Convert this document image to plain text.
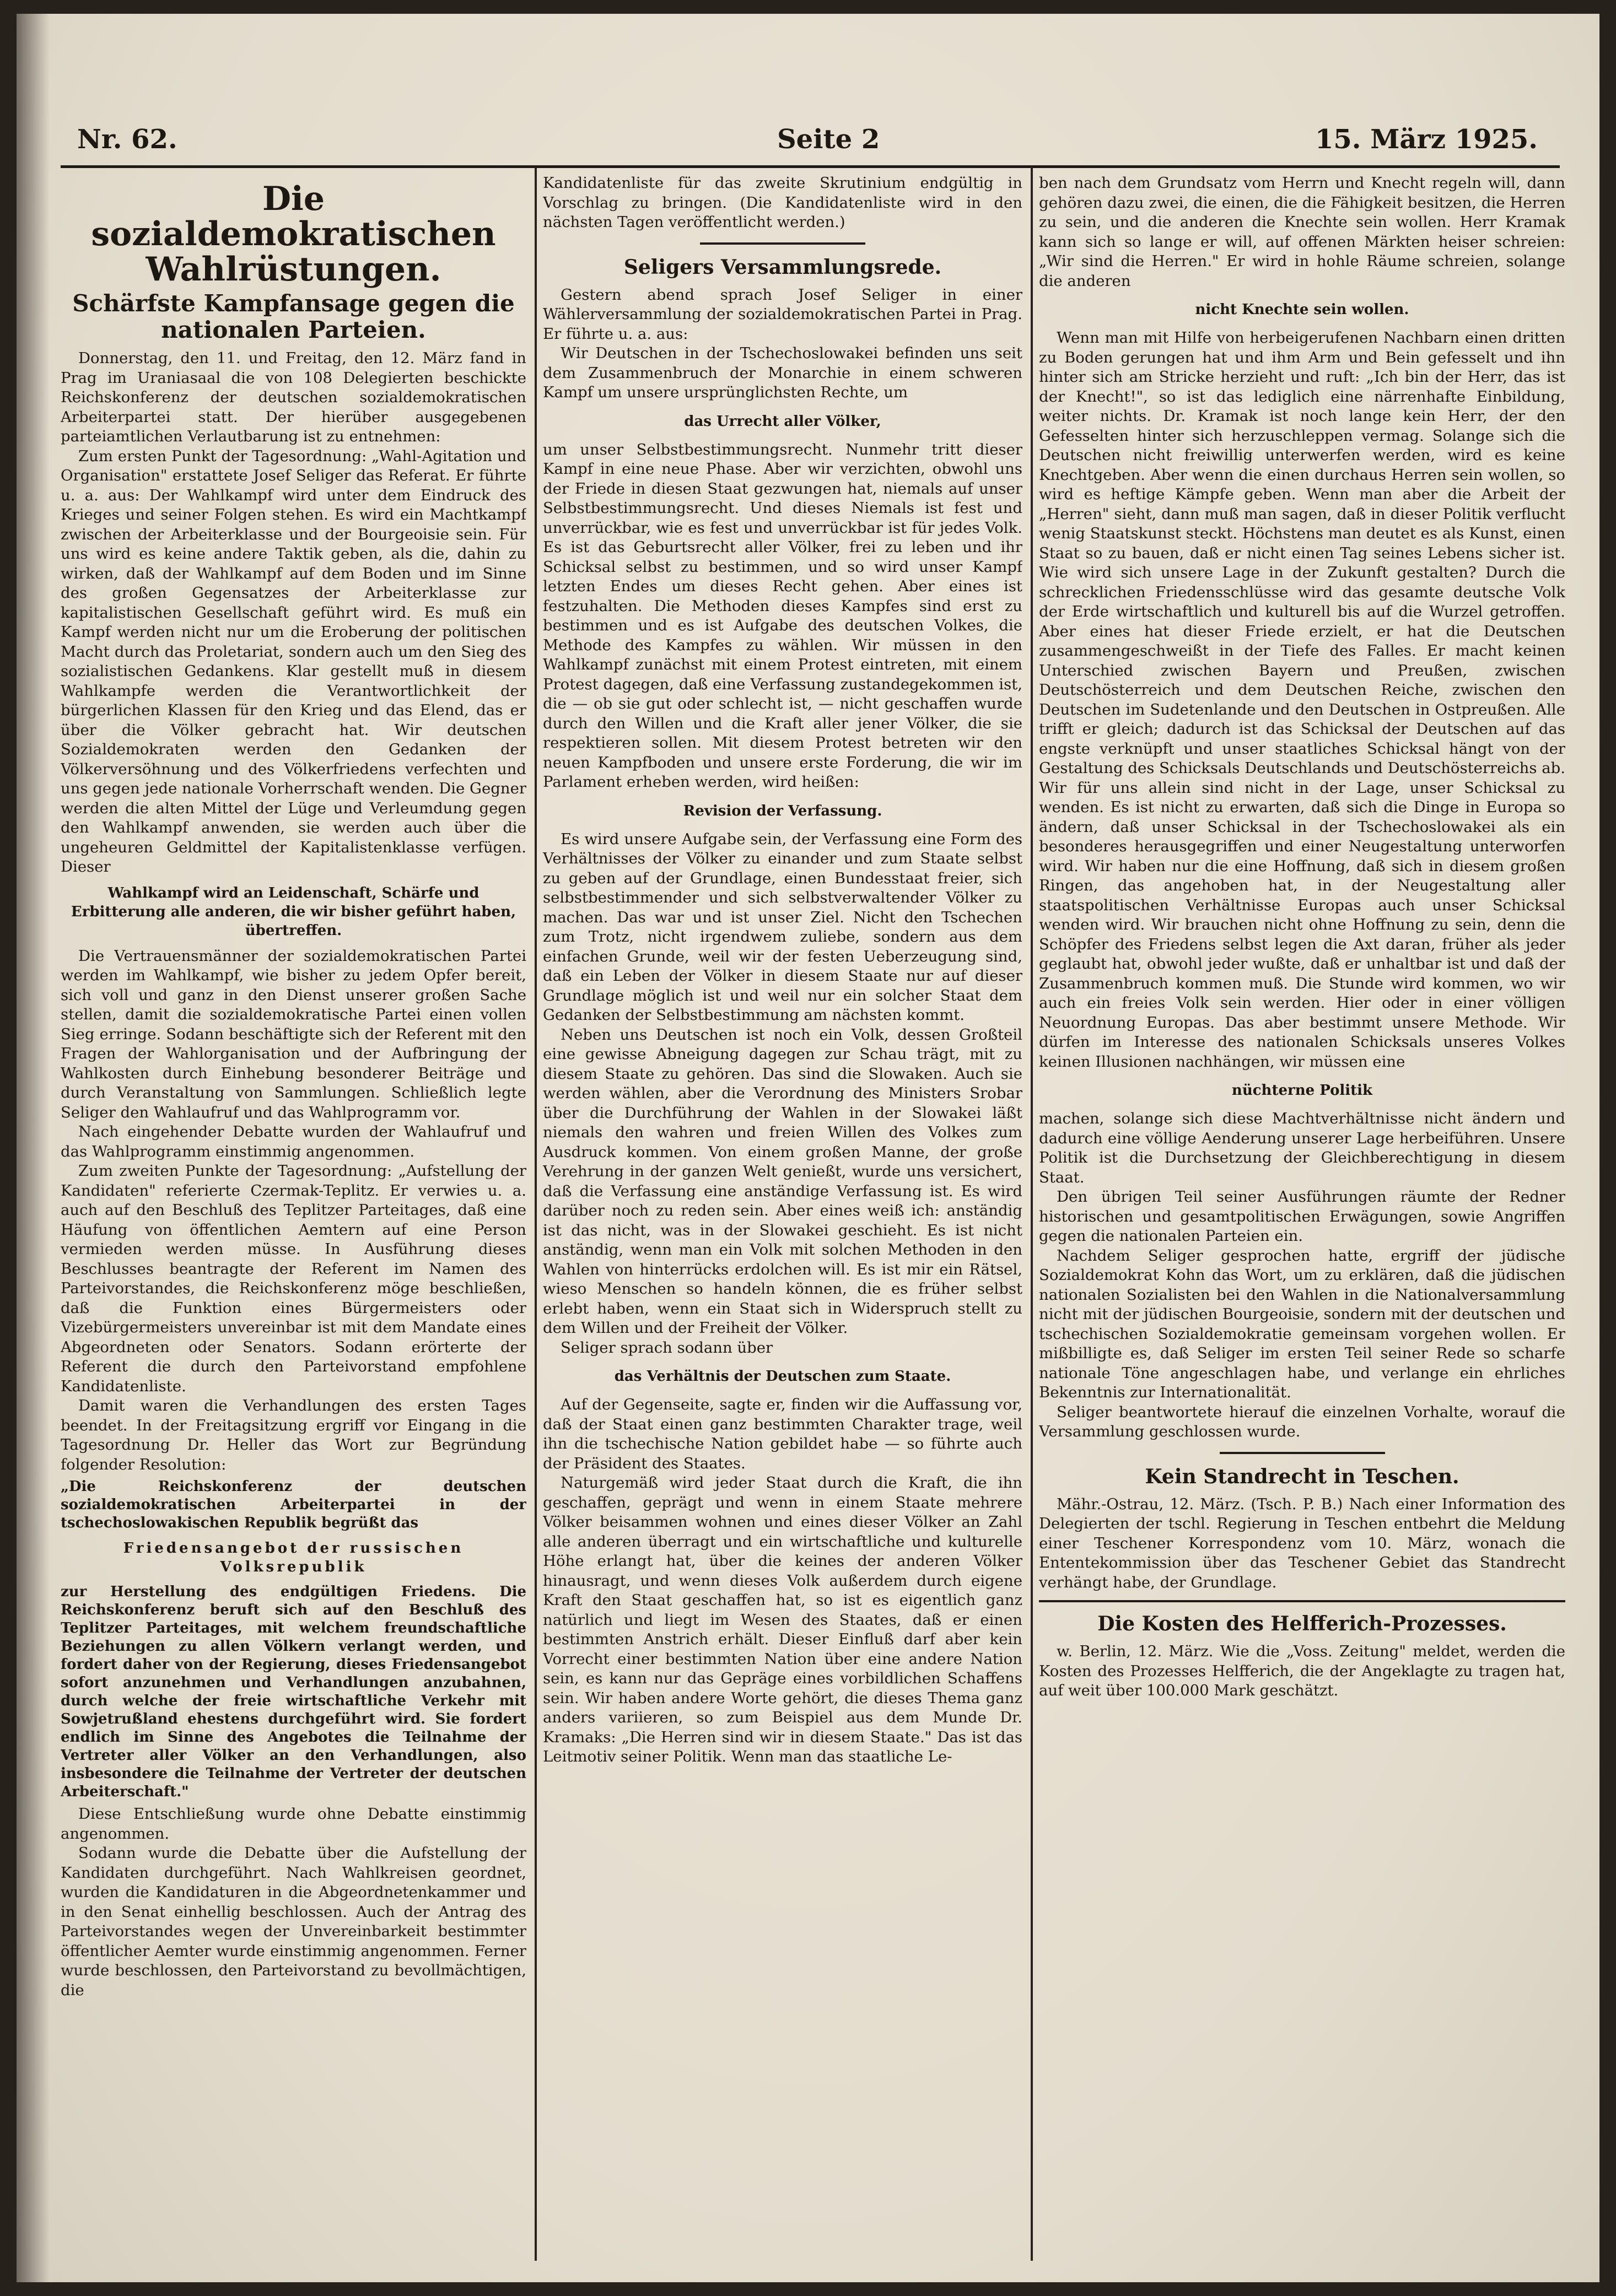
Nr. 62.	Seite 2	15. März 1925.
Die sozialdemokratischen Wahlrüstungen.
Schärfste Kampfansage gegen die nationalen Parteien.

Donnerstag, den 11. und Freitag, den 12. März fand in Prag im Uraniasaal die von 108 Delegierten beschickte Reichskonferenz der deutschen sozialdemokratischen Arbeiterpartei statt. Der hierüber ausgegebenen parteiamtlichen Verlautbarung ist zu entnehmen:

Zum ersten Punkt der Tagesordnung: „Wahl-Agitation und Organisation" erstattete Josef Seliger das Referat. Er führte u. a. aus: Der Wahlkampf wird unter dem Eindruck des Krieges und seiner Folgen stehen. Es wird ein Machtkampf zwischen der Arbeiterklasse und der Bourgeoisie sein. Für uns wird es keine andere Taktik geben, als die, dahin zu wirken, daß der Wahlkampf auf dem Boden und im Sinne des großen Gegensatzes der Arbeiterklasse zur kapitalistischen Gesellschaft geführt wird. Es muß ein Kampf werden nicht nur um die Eroberung der politischen Macht durch das Proletariat, sondern auch um den Sieg des sozialistischen Gedankens. Klar gestellt muß in diesem Wahlkampfe werden die Verantwortlichkeit der bürgerlichen Klassen für den Krieg und das Elend, das er über die Völker gebracht hat. Wir deutschen Sozialdemokraten werden den Gedanken der Völkerversöhnung und des Völkerfriedens verfechten und uns gegen jede nationale Vorherrschaft wenden. Die Gegner werden die alten Mittel der Lüge und Verleumdung gegen den Wahlkampf anwenden, sie werden auch über die ungeheuren Geldmittel der Kapitalistenklasse verfügen. Dieser

Wahlkampf wird an Leidenschaft, Schärfe und Erbitterung alle anderen, die wir bisher geführt haben, übertreffen.

Die Vertrauensmänner der sozialdemokratischen Partei werden im Wahlkampf, wie bisher zu jedem Opfer bereit, sich voll und ganz in den Dienst unserer großen Sache stellen, damit die sozialdemokratische Partei einen vollen Sieg erringe. Sodann beschäftigte sich der Referent mit den Fragen der Wahlorganisation und der Aufbringung der Wahlkosten durch Einhebung besonderer Beiträge und durch Veranstaltung von Sammlungen. Schließlich legte Seliger den Wahlaufruf und das Wahlprogramm vor.

Nach eingehender Debatte wurden der Wahlaufruf und das Wahlprogramm einstimmig angenommen.

Zum zweiten Punkte der Tagesordnung: „Aufstellung der Kandidaten" referierte Czermak-Teplitz. Er verwies u. a. auch auf den Beschluß des Teplitzer Parteitages, daß eine Häufung von öffentlichen Aemtern auf eine Person vermieden werden müsse. In Ausführung dieses Beschlusses beantragte der Referent im Namen des Parteivorstandes, die Reichskonferenz möge beschließen, daß die Funktion eines Bürgermeisters oder Vizebürgermeisters unvereinbar ist mit dem Mandate eines Abgeordneten oder Senators. Sodann erörterte der Referent die durch den Parteivorstand empfohlene Kandidatenliste.

Damit waren die Verhandlungen des ersten Tages beendet. In der Freitagsitzung ergriff vor Eingang in die Tagesordnung Dr. Heller das Wort zur Begründung folgender Resolution:

„Die Reichskonferenz der deutschen sozialdemokratischen Arbeiterpartei in der tschechoslowakischen Republik begrüßt das
Friedensangebot der russischen Volksrepublik
zur Herstellung des endgültigen Friedens. Die Reichskonferenz beruft sich auf den Beschluß des Teplitzer Parteitages, mit welchem freundschaftliche Beziehungen zu allen Völkern verlangt werden, und fordert daher von der Regierung, dieses Friedensangebot sofort anzunehmen und Verhandlungen anzubahnen, durch welche der freie wirtschaftliche Verkehr mit Sowjetrußland ehestens durchgeführt wird. Sie fordert endlich im Sinne des Angebotes die Teilnahme der Vertreter aller Völker an den Verhandlungen, also insbesondere die Teilnahme der Vertreter der deutschen Arbeiterschaft."

Diese Entschließung wurde ohne Debatte einstimmig angenommen.

Sodann wurde die Debatte über die Aufstellung der Kandidaten durchgeführt. Nach Wahlkreisen geordnet, wurden die Kandidaturen in die Abgeordnetenkammer und in den Senat einhellig beschlossen. Auch der Antrag des Parteivorstandes wegen der Unvereinbarkeit bestimmter öffentlicher Aemter wurde einstimmig angenommen. Ferner wurde beschlossen, den Parteivorstand zu bevollmächtigen, die

Kandidatenliste für das zweite Skrutinium endgültig in Vorschlag zu bringen. (Die Kandidatenliste wird in den nächsten Tagen veröffentlicht werden.)

Seligers Versammlungsrede.

Gestern abend sprach Josef Seliger in einer Wählerversammlung der sozialdemokratischen Partei in Prag. Er führte u. a. aus:

Wir Deutschen in der Tschechoslowakei befinden uns seit dem Zusammenbruch der Monarchie in einem schweren Kampf um unsere ursprünglichsten Rechte, um

das Urrecht aller Völker,

um unser Selbstbestimmungsrecht. Nunmehr tritt dieser Kampf in eine neue Phase. Aber wir verzichten, obwohl uns der Friede in diesen Staat gezwungen hat, niemals auf unser Selbstbestimmungsrecht. Und dieses Niemals ist fest und unverrückbar, wie es fest und unverrückbar ist für jedes Volk. Es ist das Geburtsrecht aller Völker, frei zu leben und ihr Schicksal selbst zu bestimmen, und so wird unser Kampf letzten Endes um dieses Recht gehen. Aber eines ist festzuhalten. Die Methoden dieses Kampfes sind erst zu bestimmen und es ist Aufgabe des deutschen Volkes, die Methode des Kampfes zu wählen. Wir müssen in den Wahlkampf zunächst mit einem Protest eintreten, mit einem Protest dagegen, daß eine Verfassung zustandegekommen ist, die — ob sie gut oder schlecht ist, — nicht geschaffen wurde durch den Willen und die Kraft aller jener Völker, die sie respektieren sollen. Mit diesem Protest betreten wir den neuen Kampfboden und unsere erste Forderung, die wir im Parlament erheben werden, wird heißen:

Revision der Verfassung.

Es wird unsere Aufgabe sein, der Verfassung eine Form des Verhältnisses der Völker zu einander und zum Staate selbst zu geben auf der Grundlage, einen Bundesstaat freier, sich selbstbestimmender und sich selbstverwaltender Völker zu machen. Das war und ist unser Ziel. Nicht den Tschechen zum Trotz, nicht irgendwem zuliebe, sondern aus dem einfachen Grunde, weil wir der festen Ueberzeugung sind, daß ein Leben der Völker in diesem Staate nur auf dieser Grundlage möglich ist und weil nur ein solcher Staat dem Gedanken der Selbstbestimmung am nächsten kommt.

Neben uns Deutschen ist noch ein Volk, dessen Großteil eine gewisse Abneigung dagegen zur Schau trägt, mit zu diesem Staate zu gehören. Das sind die Slowaken. Auch sie werden wählen, aber die Verordnung des Ministers Srobar über die Durchführung der Wahlen in der Slowakei läßt niemals den wahren und freien Willen des Volkes zum Ausdruck kommen. Von einem großen Manne, der große Verehrung in der ganzen Welt genießt, wurde uns versichert, daß die Verfassung eine anständige Verfassung ist. Es wird darüber noch zu reden sein. Aber eines weiß ich: anständig ist das nicht, was in der Slowakei geschieht. Es ist nicht anständig, wenn man ein Volk mit solchen Methoden in den Wahlen von hinterrücks erdolchen will. Es ist mir ein Rätsel, wieso Menschen so handeln können, die es früher selbst erlebt haben, wenn ein Staat sich in Widerspruch stellt zu dem Willen und der Freiheit der Völker.

Seliger sprach sodann über

das Verhältnis der Deutschen zum Staate.

Auf der Gegenseite, sagte er, finden wir die Auffassung vor, daß der Staat einen ganz bestimmten Charakter trage, weil ihn die tschechische Nation gebildet habe — so führte auch der Präsident des Staates.

Naturgemäß wird jeder Staat durch die Kraft, die ihn geschaffen, geprägt und wenn in einem Staate mehrere Völker beisammen wohnen und eines dieser Völker an Zahl alle anderen überragt und ein wirtschaftliche und kulturelle Höhe erlangt hat, über die keines der anderen Völker hinausragt, und wenn dieses Volk außerdem durch eigene Kraft den Staat geschaffen hat, so ist es eigentlich ganz natürlich und liegt im Wesen des Staates, daß er einen bestimmten Anstrich erhält. Dieser Einfluß darf aber kein Vorrecht einer bestimmten Nation über eine andere Nation sein, es kann nur das Gepräge eines vorbildlichen Schaffens sein. Wir haben andere Worte gehört, die dieses Thema ganz anders variieren, so zum Beispiel aus dem Munde Dr. Kramaks: „Die Herren sind wir in diesem Staate." Das ist das Leitmotiv seiner Politik. Wenn man das staatliche Le-

ben nach dem Grundsatz vom Herrn und Knecht regeln will, dann gehören dazu zwei, die einen, die die Fähigkeit besitzen, die Herren zu sein, und die anderen die Knechte sein wollen. Herr Kramak kann sich so lange er will, auf offenen Märkten heiser schreien: „Wir sind die Herren." Er wird in hohle Räume schreien, solange die anderen

nicht Knechte sein wollen.

Wenn man mit Hilfe von herbeigerufenen Nachbarn einen dritten zu Boden gerungen hat und ihm Arm und Bein gefesselt und ihn hinter sich am Stricke herzieht und ruft: „Ich bin der Herr, das ist der Knecht!", so ist das lediglich eine närrenhafte Einbildung, weiter nichts. Dr. Kramak ist noch lange kein Herr, der den Gefesselten hinter sich herzuschleppen vermag. Solange sich die Deutschen nicht freiwillig unterwerfen werden, wird es keine Knechtgeben. Aber wenn die einen durchaus Herren sein wollen, so wird es heftige Kämpfe geben. Wenn man aber die Arbeit der „Herren" sieht, dann muß man sagen, daß in dieser Politik verflucht wenig Staatskunst steckt. Höchstens man deutet es als Kunst, einen Staat so zu bauen, daß er nicht einen Tag seines Lebens sicher ist. Wie wird sich unsere Lage in der Zukunft gestalten? Durch die schrecklichen Friedensschlüsse wird das gesamte deutsche Volk der Erde wirtschaftlich und kulturell bis auf die Wurzel getroffen. Aber eines hat dieser Friede erzielt, er hat die Deutschen zusammengeschweißt in der Tiefe des Falles. Er macht keinen Unterschied zwischen Bayern und Preußen, zwischen Deutschösterreich und dem Deutschen Reiche, zwischen den Deutschen im Sudetenlande und den Deutschen in Ostpreußen. Alle trifft er gleich; dadurch ist das Schicksal der Deutschen auf das engste verknüpft und unser staatliches Schicksal hängt von der Gestaltung des Schicksals Deutschlands und Deutschösterreichs ab. Wir für uns allein sind nicht in der Lage, unser Schicksal zu wenden. Es ist nicht zu erwarten, daß sich die Dinge in Europa so ändern, daß unser Schicksal in der Tschechoslowakei als ein besonderes herausgegriffen und einer Neugestaltung unterworfen wird. Wir haben nur die eine Hoffnung, daß sich in diesem großen Ringen, das angehoben hat, in der Neugestaltung aller staatspolitischen Verhältnisse Europas auch unser Schicksal wenden wird. Wir brauchen nicht ohne Hoffnung zu sein, denn die Schöpfer des Friedens selbst legen die Axt daran, früher als jeder geglaubt hat, obwohl jeder wußte, daß er unhaltbar ist und daß der Zusammenbruch kommen muß. Die Stunde wird kommen, wo wir auch ein freies Volk sein werden. Hier oder in einer völligen Neuordnung Europas. Das aber bestimmt unsere Methode. Wir dürfen im Interesse des nationalen Schicksals unseres Volkes keinen Illusionen nachhängen, wir müssen eine

nüchterne Politik

machen, solange sich diese Machtverhältnisse nicht ändern und dadurch eine völlige Aenderung unserer Lage herbeiführen. Unsere Politik ist die Durchsetzung der Gleichberechtigung in diesem Staat.

Den übrigen Teil seiner Ausführungen räumte der Redner historischen und gesamtpolitischen Erwägungen, sowie Angriffen gegen die nationalen Parteien ein.

Nachdem Seliger gesprochen hatte, ergriff der jüdische Sozialdemokrat Kohn das Wort, um zu erklären, daß die jüdischen nationalen Sozialisten bei den Wahlen in die Nationalversammlung nicht mit der jüdischen Bourgeoisie, sondern mit der deutschen und tschechischen Sozialdemokratie gemeinsam vorgehen wollen. Er mißbilligte es, daß Seliger im ersten Teil seiner Rede so scharfe nationale Töne angeschlagen habe, und verlange ein ehrliches Bekenntnis zur Internationalität.

Seliger beantwortete hierauf die einzelnen Vorhalte, worauf die Versammlung geschlossen wurde.

Kein Standrecht in Teschen.

Mähr.-Ostrau, 12. März. (Tsch. P. B.) Nach einer Information des Delegierten der tschl. Regierung in Teschen entbehrt die Meldung einer Teschener Korrespondenz vom 10. März, wonach die Ententekommission über das Teschener Gebiet das Standrecht verhängt habe, der Grundlage.

Die Kosten des Helfferich-Prozesses.

w. Berlin, 12. März. Wie die „Voss. Zeitung" meldet, werden die Kosten des Prozesses Helfferich, die der Angeklagte zu tragen hat, auf weit über 100.000 Mark geschätzt.
